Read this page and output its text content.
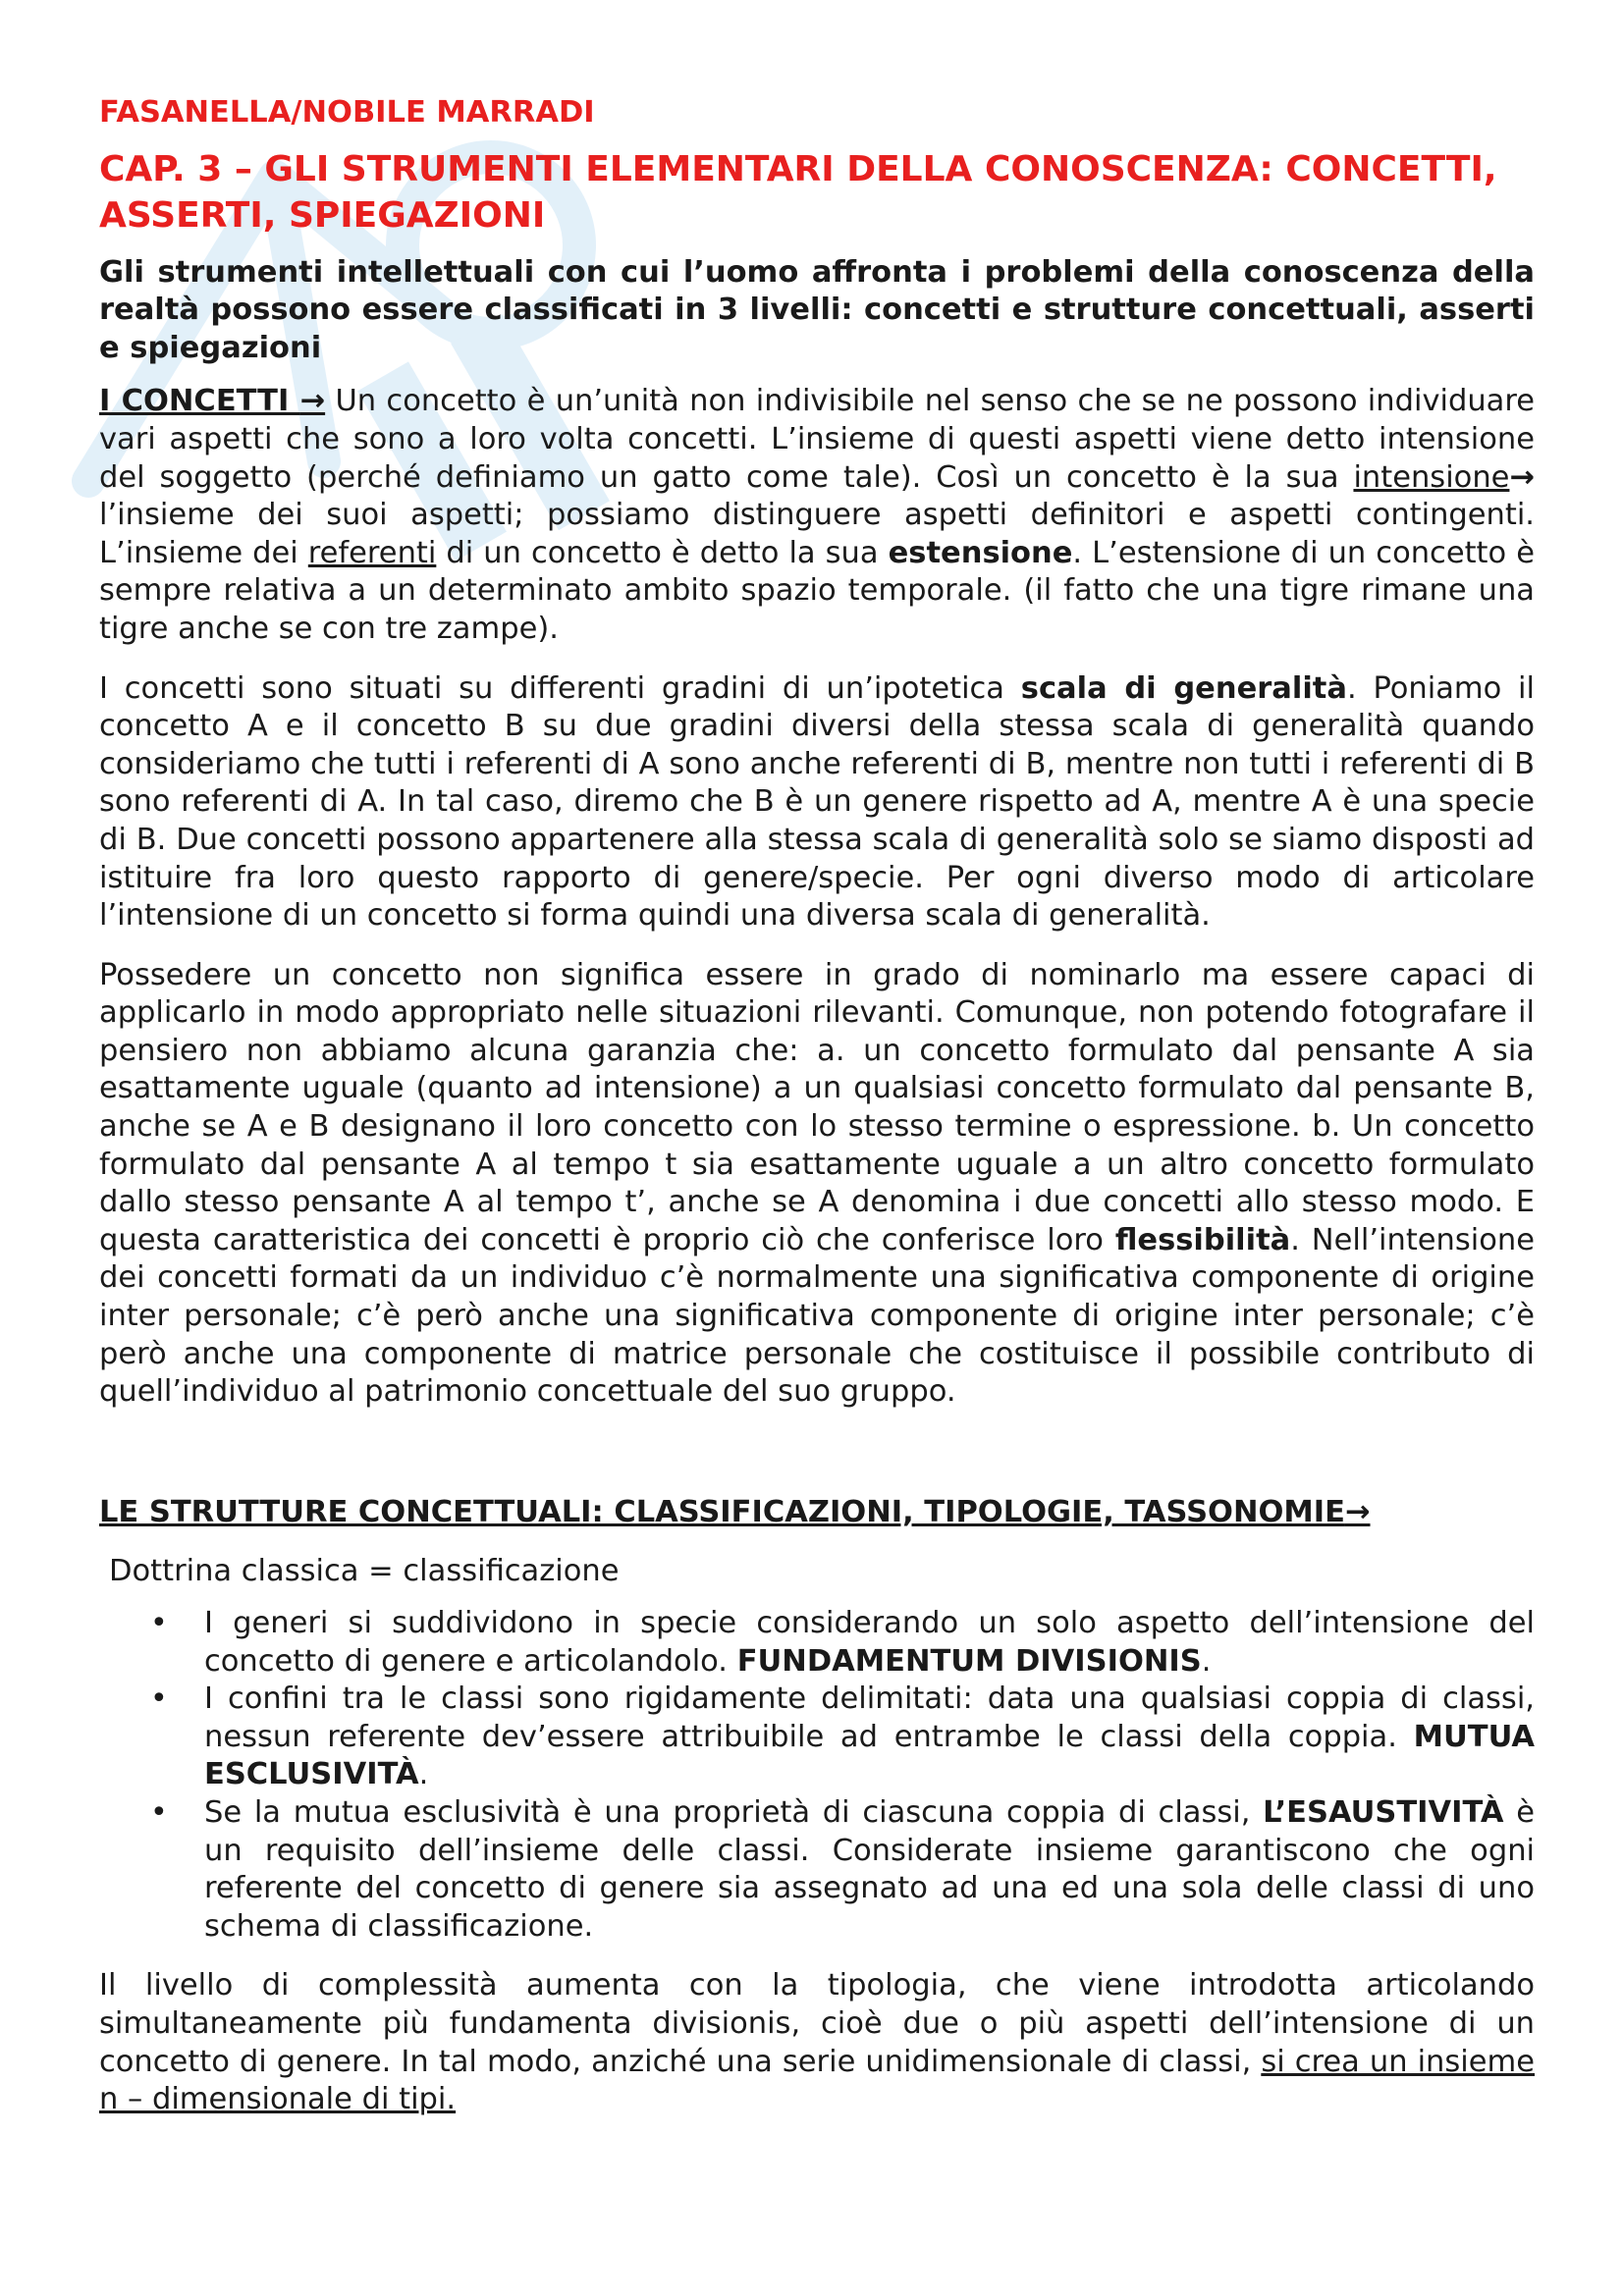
FASANELLA/NOBILE MARRADI
CAP. 3 – GLI STRUMENTI ELEMENTARI DELLA CONOSCENZA: CONCETTI,
ASSERTI, SPIEGAZIONI
Gli strumenti intellettuali con cui l’uomo affronta i problemi della conoscenza della realtà possono essere classificati in 3 livelli: concetti e strutture concettuali, asserti e spiegazioni

I CONCETTI → Un concetto è un’unità non indivisibile nel senso che se ne possono individuare vari aspetti che sono a loro volta concetti. L’insieme di questi aspetti viene detto intensione del soggetto (perché definiamo un gatto come tale). Così un concetto è la sua intensione→ l’insieme dei suoi aspetti; possiamo distinguere aspetti definitori e aspetti contingenti. L’insieme dei referenti di un concetto è detto la sua estensione. L’estensione di un concetto è sempre relativa a un determinato ambito spazio temporale. (il fatto che una tigre rimane una tigre anche se con tre zampe).

I concetti sono situati su differenti gradini di un’ipotetica scala di generalità. Poniamo il concetto A e il concetto B su due gradini diversi della stessa scala di generalità quando consideriamo che tutti i referenti di A sono anche referenti di B, mentre non tutti i referenti di B sono referenti di A. In tal caso, diremo che B è un genere rispetto ad A, mentre A è una specie di B. Due concetti possono appartenere alla stessa scala di generalità solo se siamo disposti ad istituire fra loro questo rapporto di genere/specie. Per ogni diverso modo di articolare l’intensione di un concetto si forma quindi una diversa scala di generalità.

Possedere un concetto non significa essere in grado di nominarlo ma essere capaci di applicarlo in modo appropriato nelle situazioni rilevanti. Comunque, non potendo fotografare il pensiero non abbiamo alcuna garanzia che: a. un concetto formulato dal pensante A sia esattamente uguale (quanto ad intensione) a un qualsiasi concetto formulato dal pensante B, anche se A e B designano il loro concetto con lo stesso termine o espressione. b. Un concetto formulato dal pensante A al tempo t sia esattamente uguale a un altro concetto formulato dallo stesso pensante A al tempo t’, anche se A denomina i due concetti allo stesso modo. E questa caratteristica dei concetti è proprio ciò che conferisce loro flessibilità. Nell’intensione dei concetti formati da un individuo c’è normalmente una significativa componente di origine inter personale; c’è però anche una significativa componente di origine inter personale; c’è però anche una componente di matrice personale che costituisce il possibile contributo di quell’individuo al patrimonio concettuale del suo gruppo.

LE STRUTTURE CONCETTUALI: CLASSIFICAZIONI, TIPOLOGIE, TASSONOMIE→
Dottrina classica = classificazione
• I generi si suddividono in specie considerando un solo aspetto dell’intensione del concetto di genere e articolandolo. FUNDAMENTUM DIVISIONIS.
• I confini tra le classi sono rigidamente delimitati: data una qualsiasi coppia di classi, nessun referente dev’essere attribuibile ad entrambe le classi della coppia. MUTUA ESCLUSIVITÀ.
• Se la mutua esclusività è una proprietà di ciascuna coppia di classi, L’ESAUSTIVITÀ è un requisito dell’insieme delle classi. Considerate insieme garantiscono che ogni referente del concetto di genere sia assegnato ad una ed una sola delle classi di uno schema di classificazione.

Il livello di complessità aumenta con la tipologia, che viene introdotta articolando simultaneamente più fundamenta divisionis, cioè due o più aspetti dell’intensione di un concetto di genere. In tal modo, anziché una serie unidimensionale di classi, si crea un insieme n – dimensionale di tipi.
